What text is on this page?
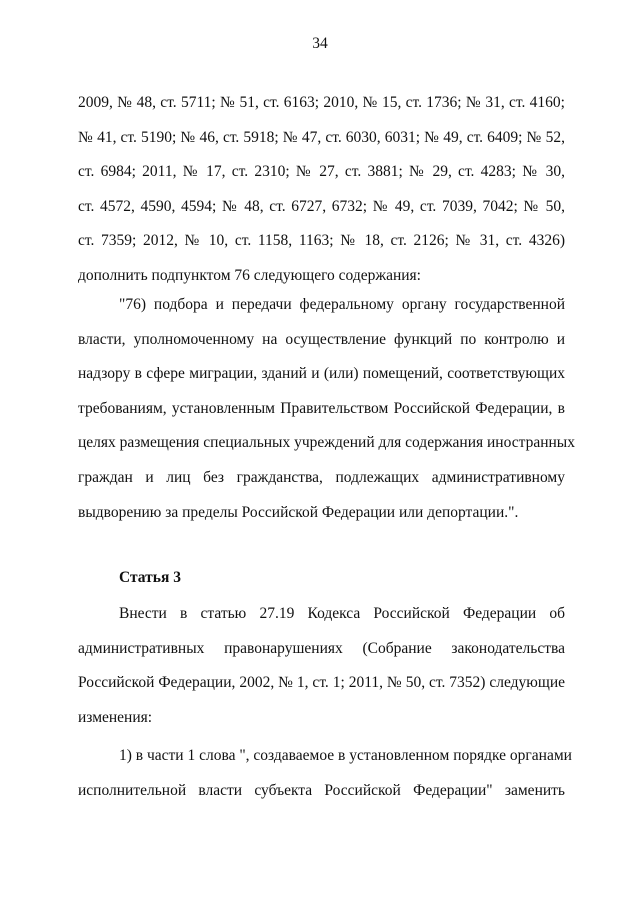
34
2009, № 48, ст. 5711; № 51, ст. 6163; 2010, № 15, ст. 1736; № 31, ст. 4160;
№ 41, ст. 5190; № 46, ст. 5918; № 47, ст. 6030, 6031; № 49, ст. 6409; № 52,
ст. 6984; 2011, № 17, ст. 2310; № 27, ст. 3881; № 29, ст. 4283; № 30,
ст. 4572, 4590, 4594; № 48, ст. 6727, 6732; № 49, ст. 7039, 7042; № 50,
ст. 7359; 2012, № 10, ст. 1158, 1163; № 18, ст. 2126; № 31, ст. 4326)
дополнить подпунктом 76 следующего содержания:
"76) подбора и передачи федеральному органу государственной
власти, уполномоченному на осуществление функций по контролю и
надзору в сфере миграции, зданий и (или) помещений, соответствующих
требованиям, установленным Правительством Российской Федерации, в
целях размещения специальных учреждений для содержания иностранных
граждан и лиц без гражданства, подлежащих административному
выдворению за пределы Российской Федерации или депортации.".
Статья 3
Внести в статью 27.19 Кодекса Российской Федерации об
административных правонарушениях (Собрание законодательства
Российской Федерации, 2002, № 1, ст. 1; 2011, № 50, ст. 7352) следующие
изменения:
1) в части 1 слова ", создаваемое в установленном порядке органами
исполнительной власти субъекта Российской Федерации" заменить
